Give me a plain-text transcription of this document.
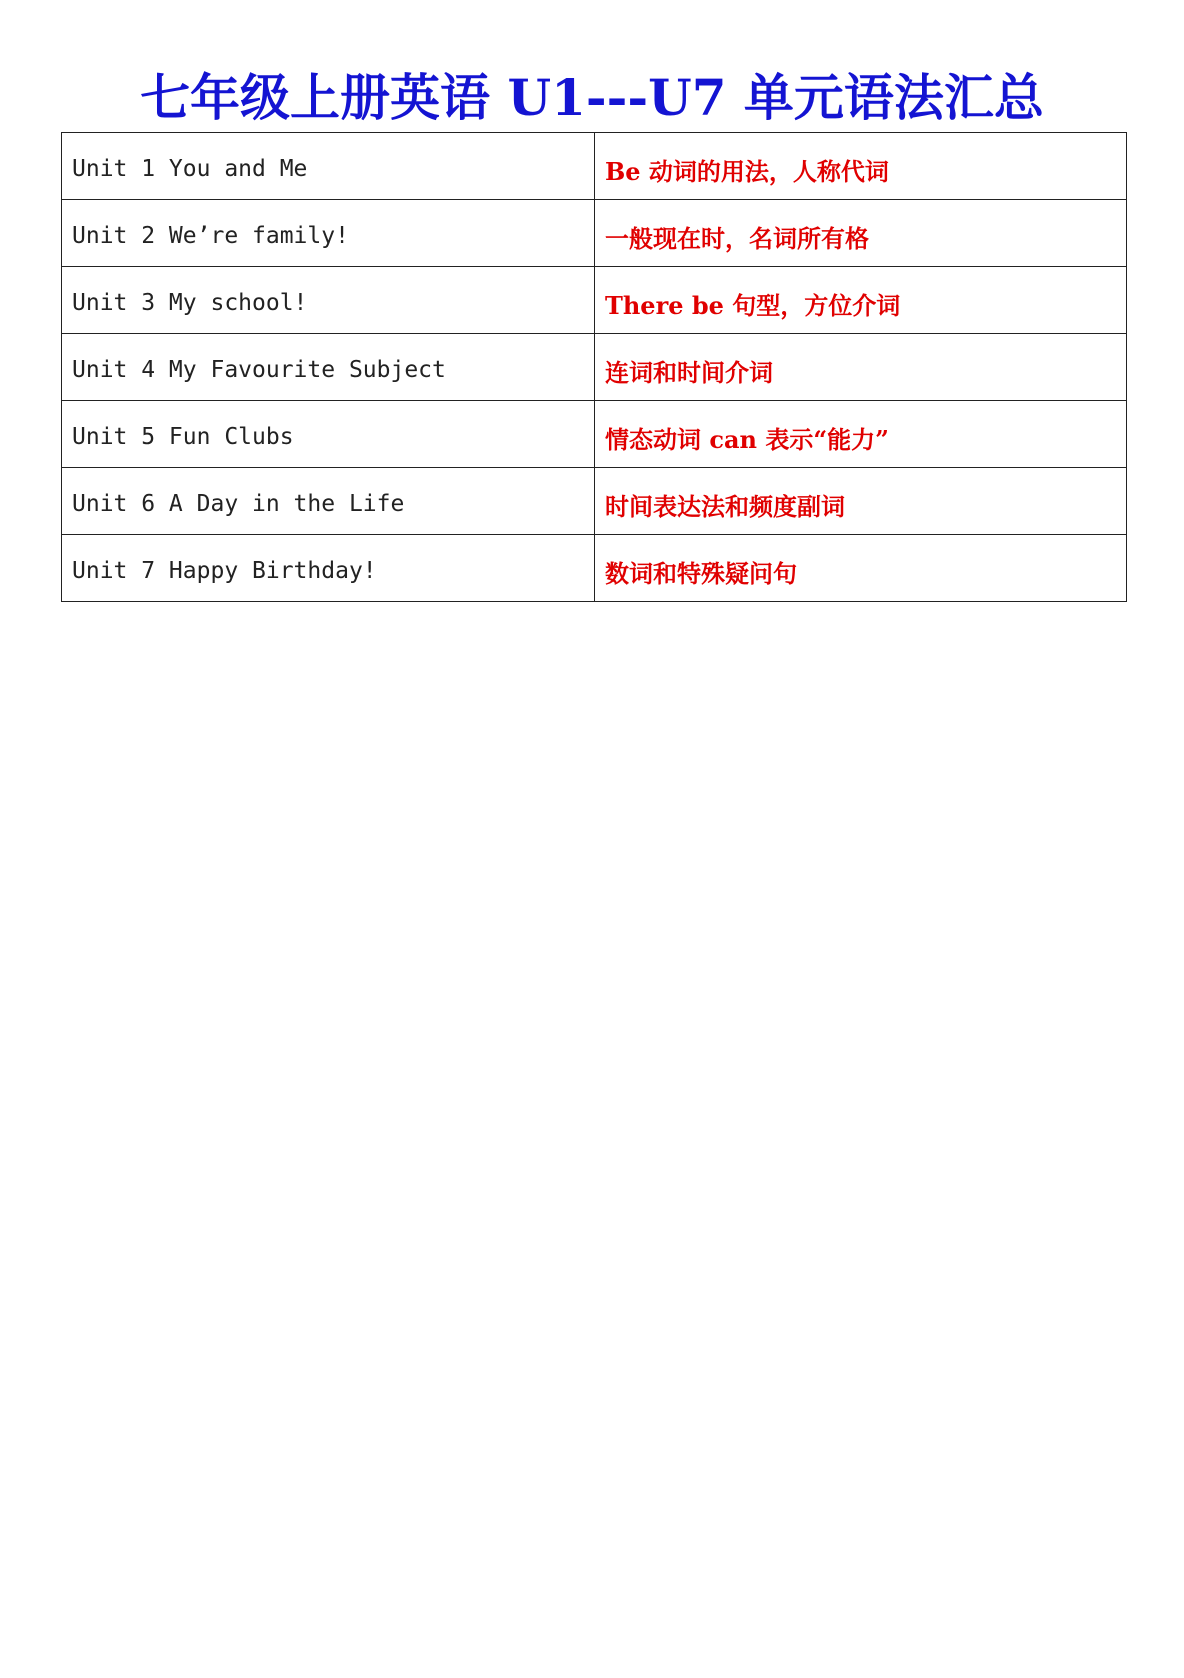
七年级上册英语 U1---U7 单元语法汇总
Unit 1 You and Me	Be 动词的用法，人称代词
Unit 2 We’re family!	一般现在时，名词所有格
Unit 3 My school!	There be 句型，方位介词
Unit 4 My Favourite Subject	连词和时间介词
Unit 5 Fun Clubs	情态动词 can 表示“能力”
Unit 6 A Day in the Life	时间表达法和频度副词
Unit 7 Happy Birthday!	数词和特殊疑问句
